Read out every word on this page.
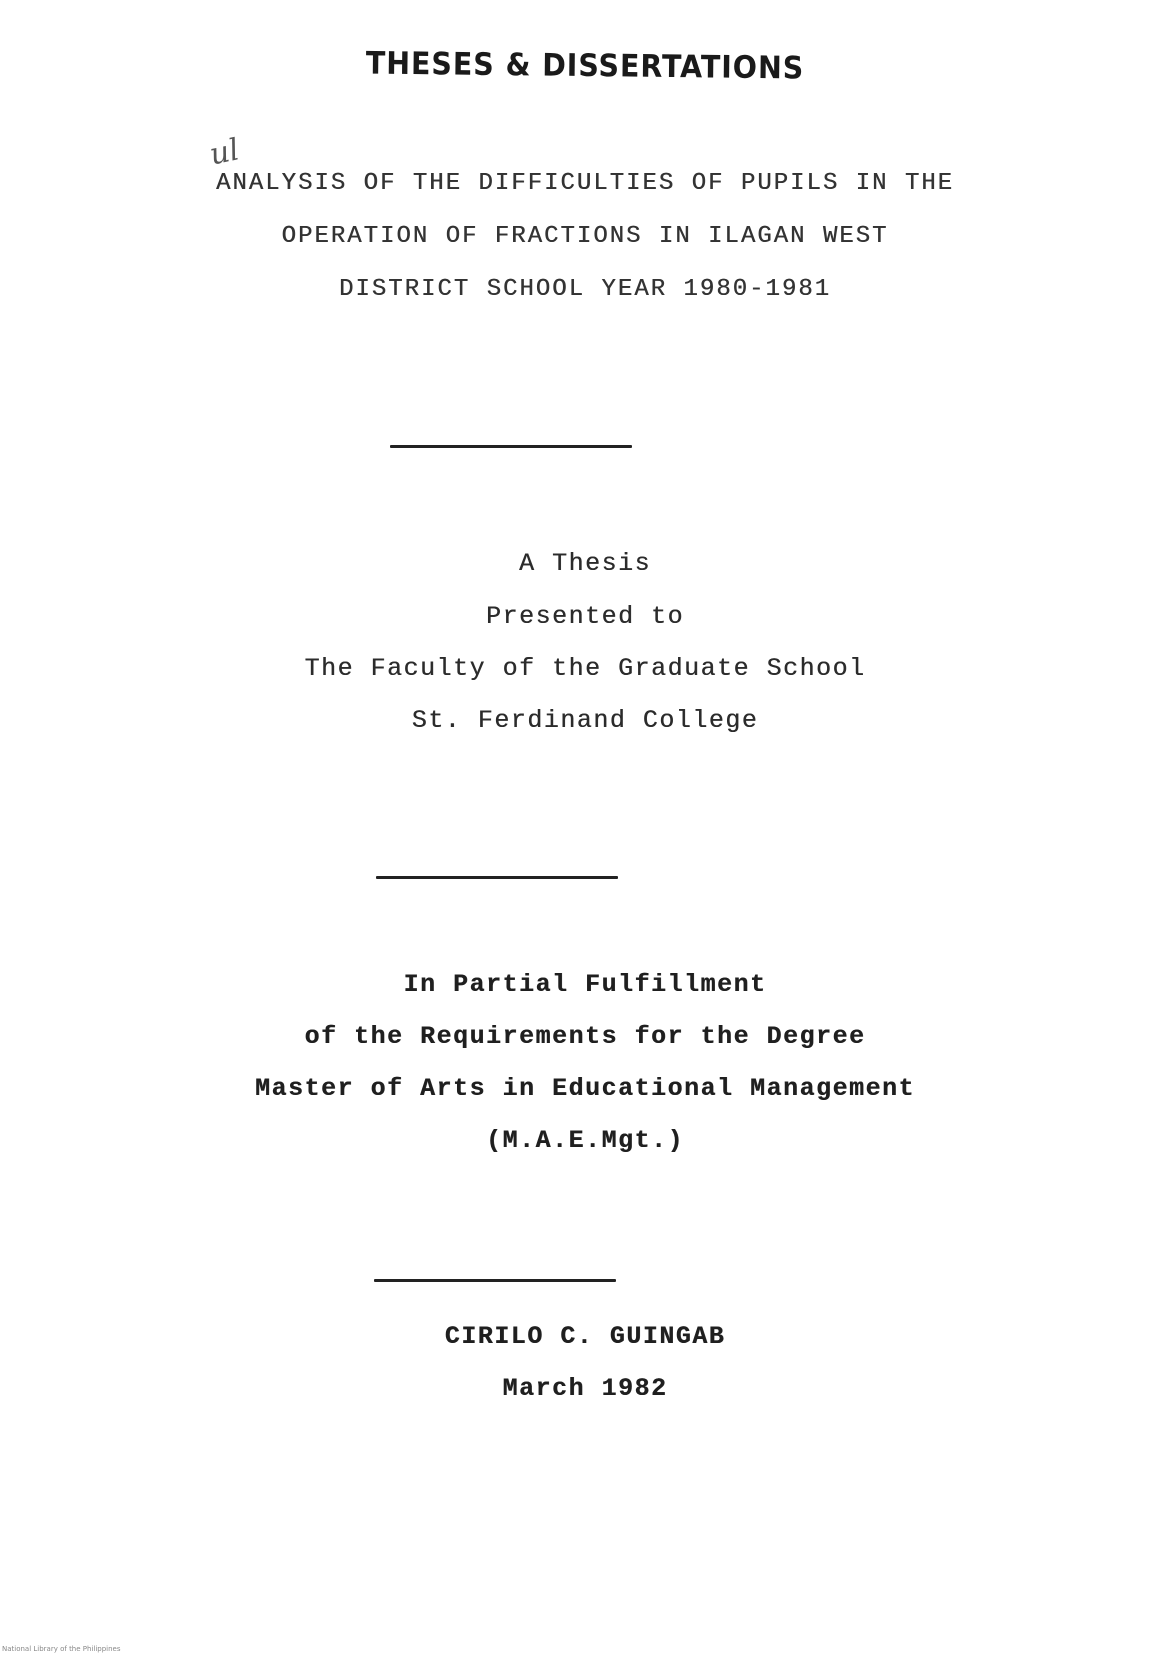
THESES & DISSERTATIONS
ul
ANALYSIS OF THE DIFFICULTIES OF PUPILS IN THE
OPERATION OF FRACTIONS IN ILAGAN WEST
DISTRICT SCHOOL YEAR 1980-1981
A Thesis
Presented to
The Faculty of the Graduate School
St. Ferdinand College
In Partial Fulfillment
of the Requirements for the Degree
Master of Arts in Educational Management
(M.A.E.Mgt.)
CIRILO C. GUINGAB
March 1982
National Library of the Philippines
